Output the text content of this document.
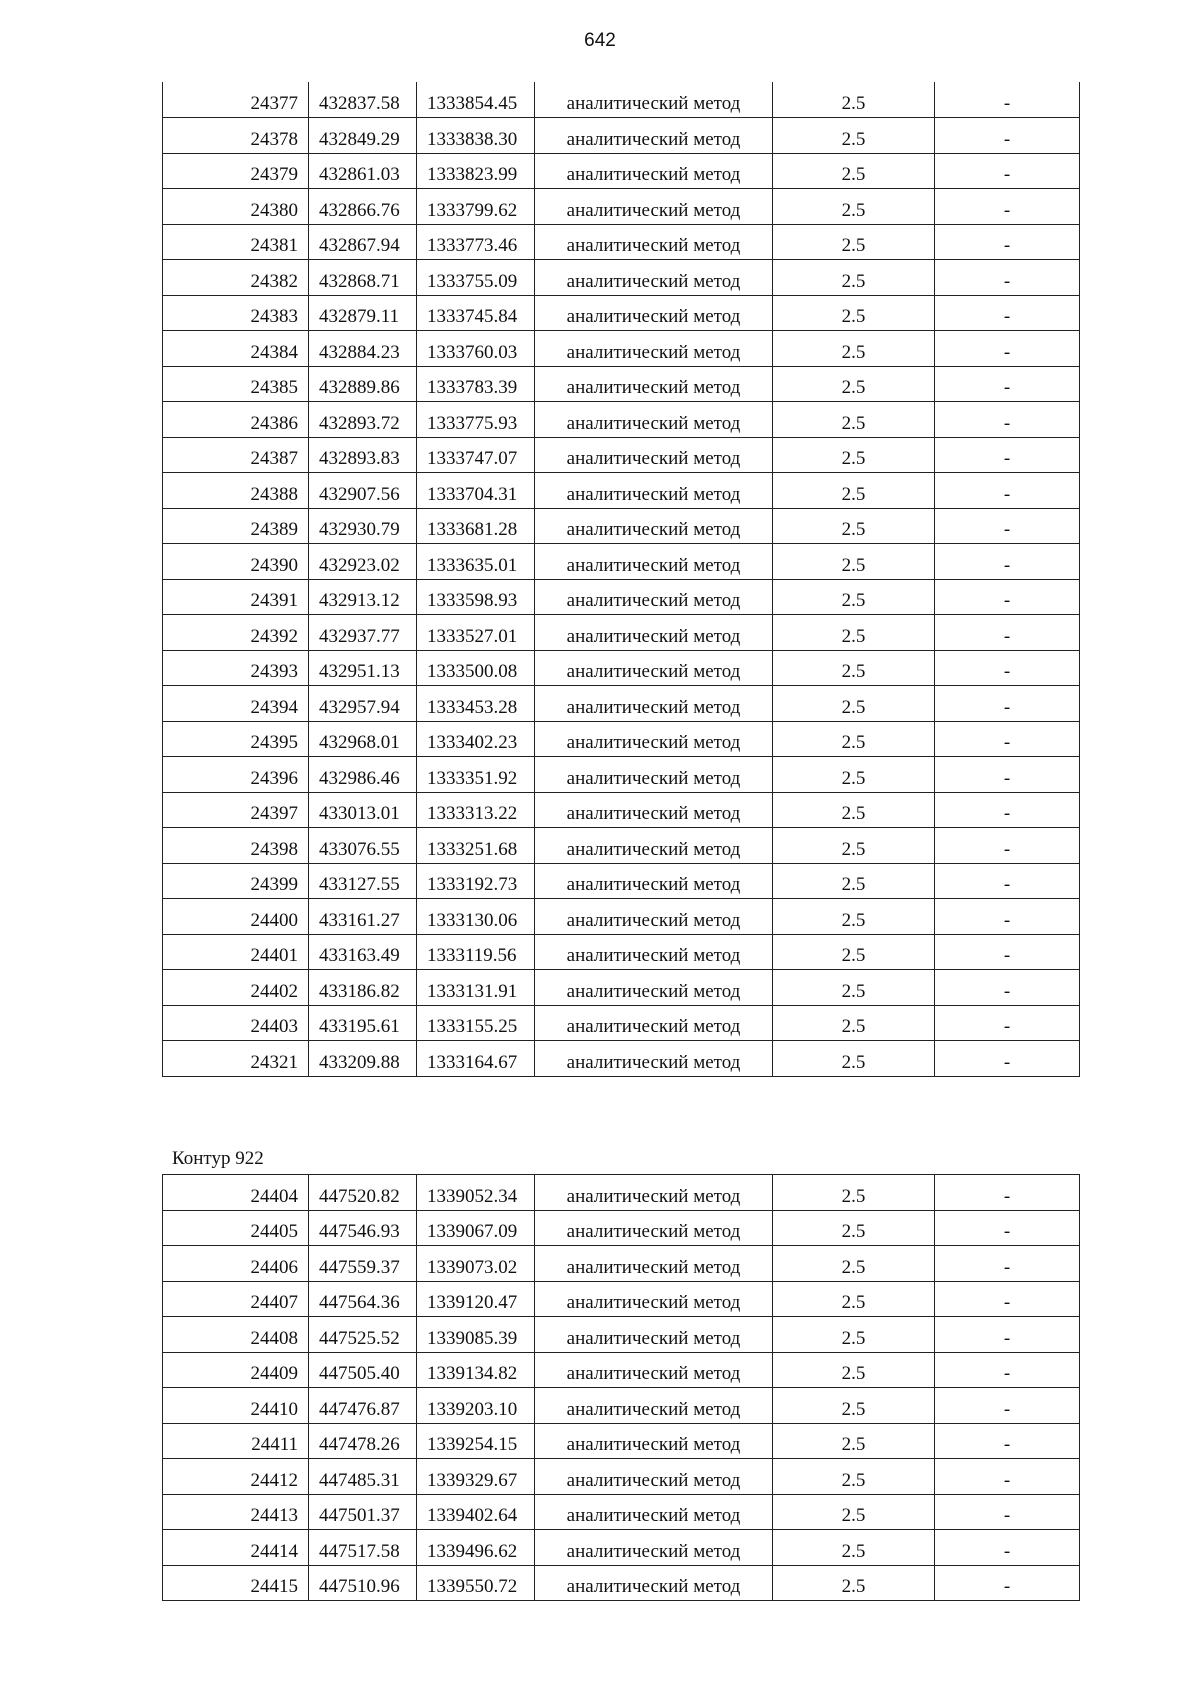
642
24377	432837.58	1333854.45	аналитический метод	2.5	-
24378	432849.29	1333838.30	аналитический метод	2.5	-
24379	432861.03	1333823.99	аналитический метод	2.5	-
24380	432866.76	1333799.62	аналитический метод	2.5	-
24381	432867.94	1333773.46	аналитический метод	2.5	-
24382	432868.71	1333755.09	аналитический метод	2.5	-
24383	432879.11	1333745.84	аналитический метод	2.5	-
24384	432884.23	1333760.03	аналитический метод	2.5	-
24385	432889.86	1333783.39	аналитический метод	2.5	-
24386	432893.72	1333775.93	аналитический метод	2.5	-
24387	432893.83	1333747.07	аналитический метод	2.5	-
24388	432907.56	1333704.31	аналитический метод	2.5	-
24389	432930.79	1333681.28	аналитический метод	2.5	-
24390	432923.02	1333635.01	аналитический метод	2.5	-
24391	432913.12	1333598.93	аналитический метод	2.5	-
24392	432937.77	1333527.01	аналитический метод	2.5	-
24393	432951.13	1333500.08	аналитический метод	2.5	-
24394	432957.94	1333453.28	аналитический метод	2.5	-
24395	432968.01	1333402.23	аналитический метод	2.5	-
24396	432986.46	1333351.92	аналитический метод	2.5	-
24397	433013.01	1333313.22	аналитический метод	2.5	-
24398	433076.55	1333251.68	аналитический метод	2.5	-
24399	433127.55	1333192.73	аналитический метод	2.5	-
24400	433161.27	1333130.06	аналитический метод	2.5	-
24401	433163.49	1333119.56	аналитический метод	2.5	-
24402	433186.82	1333131.91	аналитический метод	2.5	-
24403	433195.61	1333155.25	аналитический метод	2.5	-
24321	433209.88	1333164.67	аналитический метод	2.5	-
Контур 922
24404	447520.82	1339052.34	аналитический метод	2.5	-
24405	447546.93	1339067.09	аналитический метод	2.5	-
24406	447559.37	1339073.02	аналитический метод	2.5	-
24407	447564.36	1339120.47	аналитический метод	2.5	-
24408	447525.52	1339085.39	аналитический метод	2.5	-
24409	447505.40	1339134.82	аналитический метод	2.5	-
24410	447476.87	1339203.10	аналитический метод	2.5	-
24411	447478.26	1339254.15	аналитический метод	2.5	-
24412	447485.31	1339329.67	аналитический метод	2.5	-
24413	447501.37	1339402.64	аналитический метод	2.5	-
24414	447517.58	1339496.62	аналитический метод	2.5	-
24415	447510.96	1339550.72	аналитический метод	2.5	-
